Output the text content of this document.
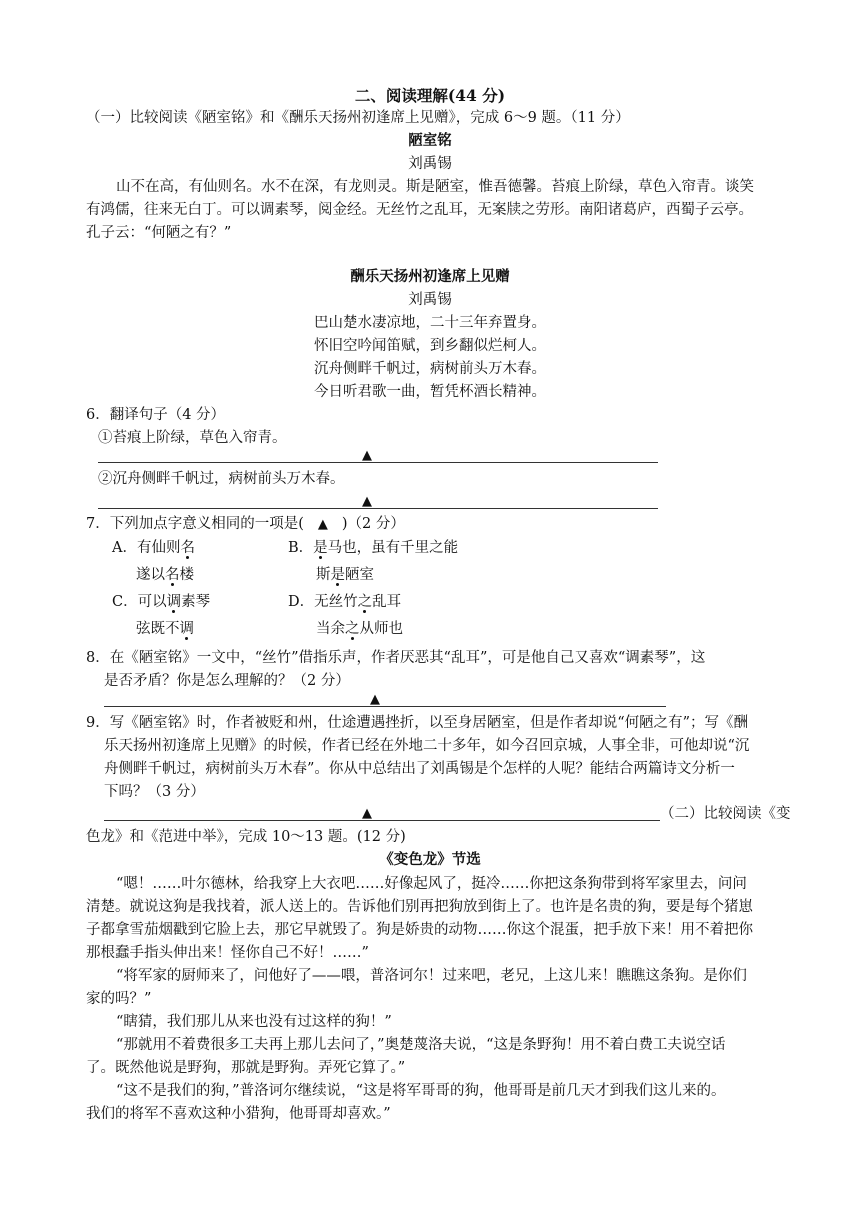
二、阅读理解(44 分)
（一）比较阅读《陋室铭》和《酬乐天扬州初逢席上见赠》，完成 6～9 题。（11 分）
陋室铭
刘禹锡
山不在高，有仙则名。水不在深，有龙则灵。斯是陋室，惟吾德馨。苔痕上阶绿，草色入帘青。谈笑
有鸿儒，往来无白丁。可以调素琴，阅金经。无丝竹之乱耳，无案牍之劳形。南阳诸葛庐，西蜀子云亭。
孔子云：“何陋之有？”
酬乐天扬州初逢席上见赠
刘禹锡
巴山楚水凄凉地，二十三年弃置身。
怀旧空吟闻笛赋，到乡翻似烂柯人。
沉舟侧畔千帆过，病树前头万木春。
今日听君歌一曲，暂凭杯酒长精神。
6．翻译句子（4 分）
①苔痕上阶绿，草色入帘青。
▲
②沉舟侧畔千帆过，病树前头万木春。
▲
7．下列加点字意义相同的一项是( ▲ )（2 分）
A．有仙则名	B．是马也，虽有千里之能
遂以名楼	斯是陋室
C．可以调素琴	D．无丝竹之乱耳
弦既不调	当余之从师也
8．在《陋室铭》一文中，“丝竹”借指乐声，作者厌恶其“乱耳”，可是他自己又喜欢“调素琴”，这
是否矛盾？你是怎么理解的？（2 分）
▲
9．写《陋室铭》时，作者被贬和州，仕途遭遇挫折，以至身居陋室，但是作者却说“何陋之有”；写《酬
乐天扬州初逢席上见赠》的时候，作者已经在外地二十多年，如今召回京城，人事全非，可他却说“沉
舟侧畔千帆过，病树前头万木春”。你从中总结出了刘禹锡是个怎样的人呢？能结合两篇诗文分析一
下吗？（3 分）
▲	（二）比较阅读《变
色龙》和《范进中举》，完成 10～13 题。(12 分)
《变色龙》节选
“嗯！……叶尔德林，给我穿上大衣吧……好像起风了，挺冷……你把这条狗带到将军家里去，问问
清楚。就说这狗是我找着，派人送上的。告诉他们别再把狗放到街上了。也许是名贵的狗，要是每个猪崽
子都拿雪茄烟戳到它脸上去，那它早就毁了。狗是娇贵的动物……你这个混蛋，把手放下来！用不着把你
那根蠢手指头伸出来！怪你自己不好！……”
“将军家的厨师来了，问他好了——喂，普洛诃尔！过来吧，老兄，上这儿来！瞧瞧这条狗。是你们
家的吗？”
“瞎猜，我们那儿从来也没有过这样的狗！”
“那就用不着费很多工夫再上那儿去问了，”奥楚蔑洛夫说，“这是条野狗！用不着白费工夫说空话
了。既然他说是野狗，那就是野狗。弄死它算了。”
“这不是我们的狗，”普洛诃尔继续说，“这是将军哥哥的狗，他哥哥是前几天才到我们这儿来的。
我们的将军不喜欢这种小猎狗，他哥哥却喜欢。”
